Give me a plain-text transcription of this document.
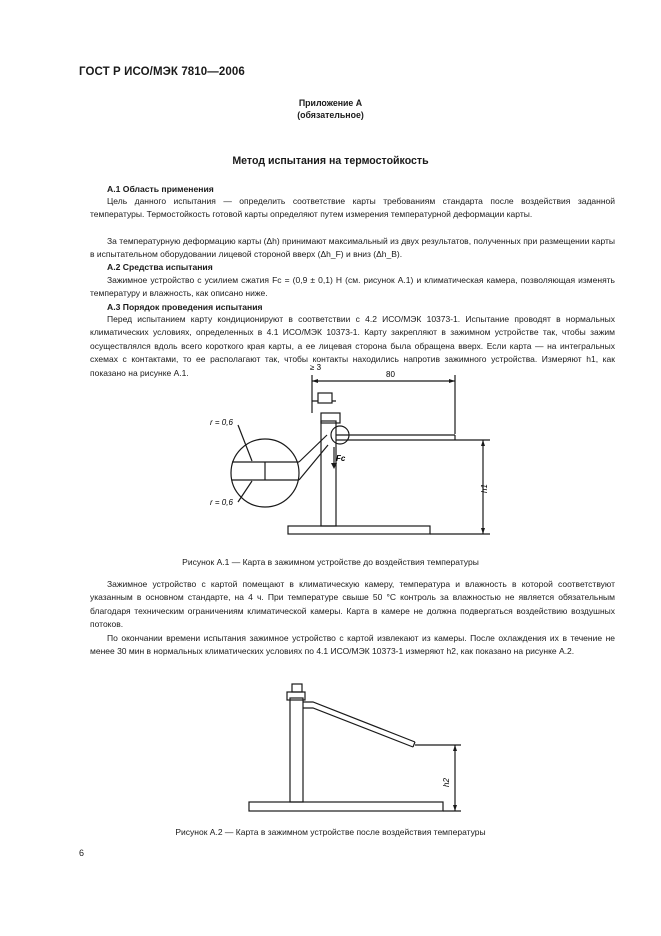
ГОСТ Р ИСО/МЭК 7810—2006
Приложение А
(обязательное)
Метод испытания на термостойкость
А.1 Область применения
Цель данного испытания — определить соответствие карты требованиям стандарта после воздействия заданной температуры. Термостойкость готовой карты определяют путем измерения температурной деформации карты.
За температурную деформацию карты (Δh) принимают максимальный из двух результатов, полученных при размещении карты в испытательном оборудовании лицевой стороной вверх (Δh_F) и вниз (Δh_B).
А.2 Средства испытания
Зажимное устройство с усилием сжатия Fc = (0,9 ± 0,1) Н (см. рисунок А.1) и климатическая камера, позволяющая изменять температуру и влажность, как описано ниже.
А.3 Порядок проведения испытания
Перед испытанием карту кондиционируют в соответствии с 4.2 ИСО/МЭК 10373-1. Испытание проводят в нормальных климатических условиях, определенных в 4.1 ИСО/МЭК 10373-1. Карту закрепляют в зажимном устройстве так, чтобы зажим осуществлялся вдоль всего короткого края карты, а ее лицевая сторона была обращена вверх. Если карта — на интегральных схемах с контактами, то ее располагают так, чтобы контакты находились напротив зажимного устройства. Измеряют h1, как показано на рисунке А.1.
r = 0,6
r = 0,6
≥ 3
80
Fc
h1
Рисунок А.1 — Карта в зажимном устройстве до воздействия температуры
Зажимное устройство с картой помещают в климатическую камеру, температура и влажность в которой соответствуют указанным в основном стандарте, на 4 ч. При температуре свыше 50 °С контроль за влажностью не является обязательным благодаря техническим ограничениям климатической камеры. Карта в камере не должна подвергаться воздействию воздушных потоков.
По окончании времени испытания зажимное устройство с картой извлекают из камеры. После охлаждения их в течение не менее 30 мин в нормальных климатических условиях по 4.1 ИСО/МЭК 10373-1 измеряют h2, как показано на рисунке А.2.
h2
Рисунок А.2 — Карта в зажимном устройстве после воздействия температуры
6
